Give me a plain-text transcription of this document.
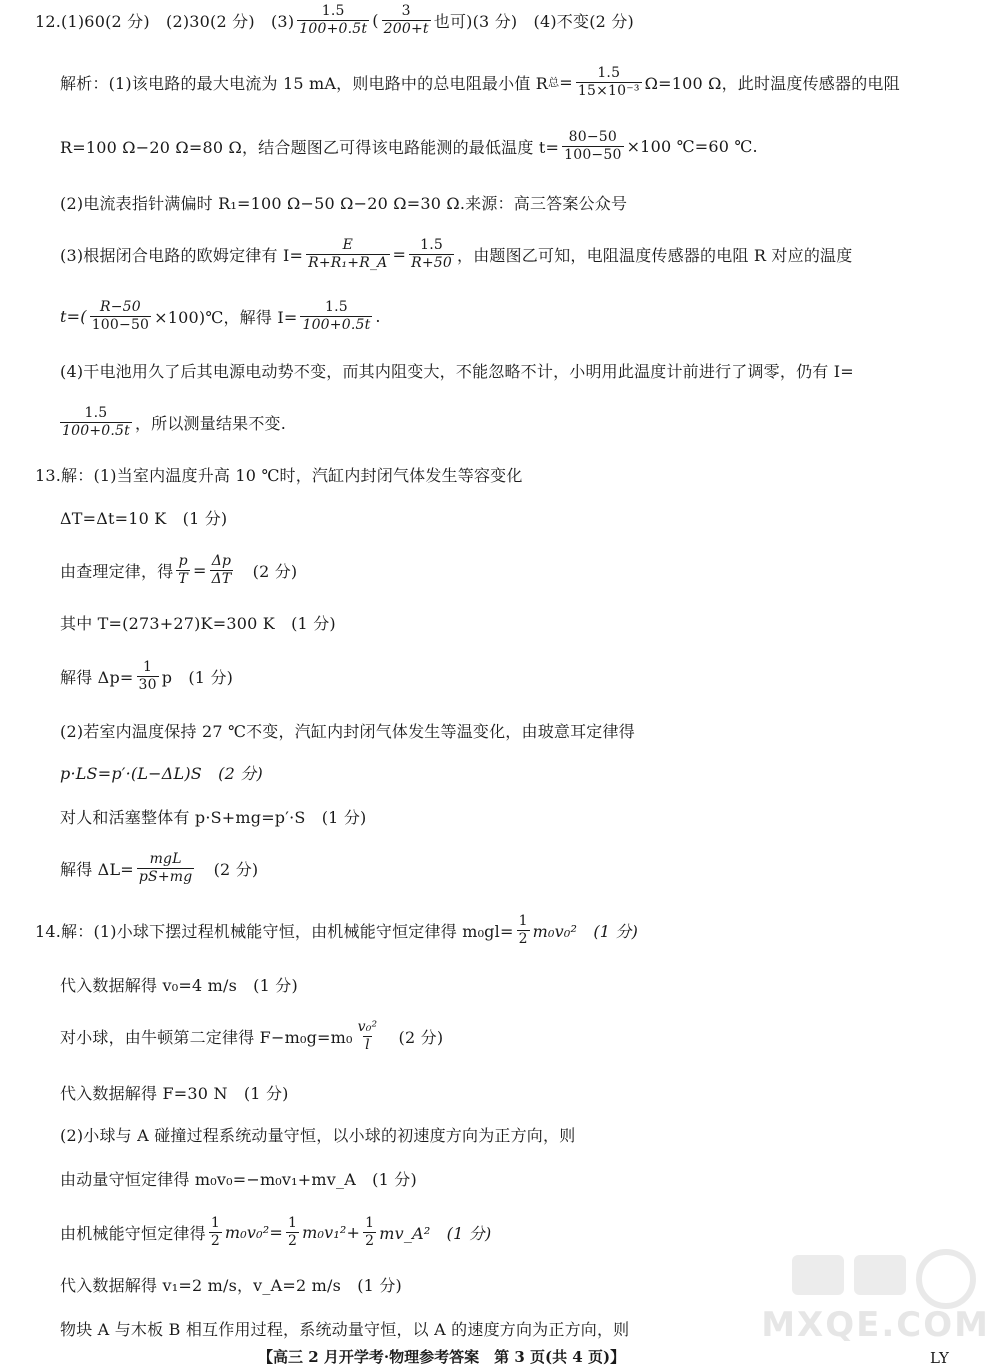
12.(1)60(2 分)　(2)30(2 分)　$(3) \frac{1.5}{100+0.5t}$ ( $\frac{3}{200+t}$ 也可)(3 分)　(4)不变(2 分)
解析：(1)该电路的最大电流为 15 mA，则电路中的总电阻最小值 R 总 = $\frac{1.5}{\text{15×10⁻³}} \Omega=100$ Ω，此时温度传感器的电阻
R=100 Ω−20 Ω=80 Ω，结合题图乙可得该电路能测的最低温度 $t= \frac{80-50}{100-50} \times 100$ ℃=60 ℃.
(2)电流表指针满偏时 R₁=100 Ω−50 Ω−20 Ω=30 Ω.来源：高三答案公众号
(3)根据闭合电路的欧姆定律有 $I= \frac{E}{\text{R+R₁+R\_A}} = \frac{1.5}{R+50}$ ，由题图乙可知，电阻温度传感器的电阻 R 对应的温度
$t=( \frac{R-50}{100-50}$ ×100)℃，解得 $I= \frac{1.5}{100+0.5t}$ .
(4)干电池用久了后其电源电动势不变，而其内阻变大，不能忽略不计，小明用此温度计前进行了调零，仍有 I=
$\frac{1.5}{100+0.5t}$ ，所以测量结果不变.
13.解：(1)当室内温度升高 10 ℃时，汽缸内封闭气体发生等容变化
ΔT=Δt=10 K　(1 分)
由查理定律，得 $\frac{p}{T} = \frac{\Delta p}{\Delta T}$ 　(2 分)
其中 T=(273+27)K=300 K　(1 分)
解得 $\Delta p= \frac{1}{30}$ p　(1 分)
(2)若室内温度保持 27 ℃不变，汽缸内封闭气体发生等温变化，由玻意耳定律得
p·LS=p′·(L−ΔL)S　(2 分)
对人和活塞整体有 p·S+mg=p′·S　(1 分)
解得 $\Delta L= \frac{\text{mgL}}{pS+mg}$ 　(2 分)
14.解：(1)小球下摆过程机械能守恒，由机械能守恒定律得 $m_0gl= \frac{1}{2} m_0v_0^2$　(1 分)
代入数据解得 v₀=4 m/s　(1 分)
对小球，由牛顿第二定律得 $F-m_0g=m_0 \frac{\text{v₀²}}{l}$ 　(2 分)
代入数据解得 F=30 N　(1 分)
(2)小球与 A 碰撞过程系统动量守恒，以小球的初速度方向为正方向，则
由动量守恒定律得 m₀v₀=−m₀v₁+mv_A　(1 分)
由机械能守恒定律得 $\frac{1}{2} m_0v_0^2= \frac{1}{2} m_0v_1^2+ \frac{1}{2}$ mv_A²　(1 分)
代入数据解得 v₁=2 m/s，v_A=2 m/s　(1 分)
物块 A 与木板 B 相互作用过程，系统动量守恒，以 A 的速度方向为正方向，则	MXQE.COM
【高三 2 月开学考·物理参考答案　第 3 页(共 4 页)】	LY
